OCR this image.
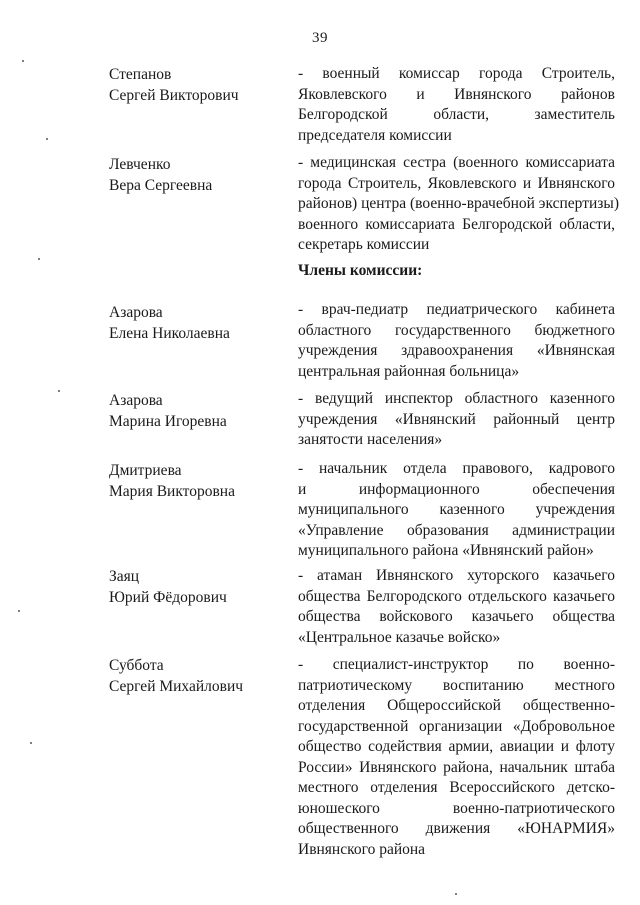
39
Степанов
Сергей Викторович
- военный комиссар города Строитель,
Яковлевского и Ивнянского районов
Белгородской области, заместитель
председателя комиссии
Левченко
Вера Сергеевна
- медицинская сестра (военного комиссариата
города Строитель, Яковлевского и Ивнянского
районов) центра (военно-врачебной экспертизы)
военного комиссариата Белгородской области,
секретарь комиссии
Члены комиссии:
Азарова
Елена Николаевна
- врач-педиатр педиатрического кабинета
областного государственного бюджетного
учреждения здравоохранения «Ивнянская
центральная районная больница»
Азарова
Марина Игоревна
- ведущий инспектор областного казенного
учреждения «Ивнянский районный центр
занятости населения»
Дмитриева
Мария Викторовна
- начальник отдела правового, кадрового
и информационного обеспечения
муниципального казенного учреждения
«Управление образования администрации
муниципального района «Ивнянский район»
Заяц
Юрий Фёдорович
- атаман Ивнянского хуторского казачьего
общества Белгородского отдельского казачьего
общества войскового казачьего общества
«Центральное казачье войско»
Суббота
Сергей Михайлович
- специалист-инструктор по военно-
патриотическому воспитанию местного
отделения Общероссийской общественно-
государственной организации «Добровольное
общество содействия армии, авиации и флоту
России» Ивнянского района, начальник штаба
местного отделения Всероссийского детско-
юношеского военно-патриотического
общественного движения «ЮНАРМИЯ»
Ивнянского района
